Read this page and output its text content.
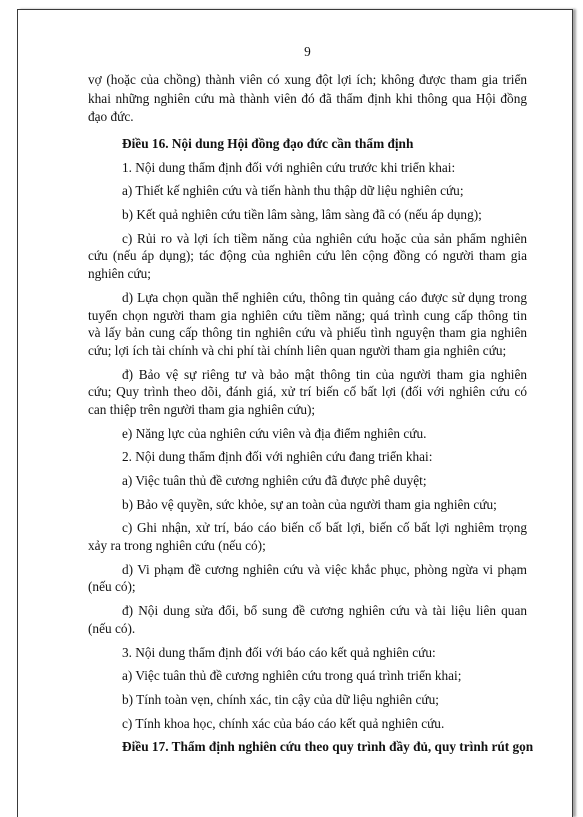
9
vợ (hoặc của chồng) thành viên có xung đột lợi ích; không được tham gia triển
khai những nghiên cứu mà thành viên đó đã thẩm định khi thông qua Hội đồng
đạo đức.
Điều 16. Nội dung Hội đồng đạo đức cần thẩm định
1. Nội dung thẩm định đối với nghiên cứu trước khi triển khai:
a) Thiết kế nghiên cứu và tiến hành thu thập dữ liệu nghiên cứu;
b) Kết quả nghiên cứu tiền lâm sàng, lâm sàng đã có (nếu áp dụng);
c) Rủi ro và lợi ích tiềm năng của nghiên cứu hoặc của sản phẩm nghiên
cứu (nếu áp dụng); tác động của nghiên cứu lên cộng đồng có người tham gia
nghiên cứu;
d) Lựa chọn quần thể nghiên cứu, thông tin quảng cáo được sử dụng trong
tuyển chọn người tham gia nghiên cứu tiềm năng; quá trình cung cấp thông tin
và lấy bản cung cấp thông tin nghiên cứu và phiếu tình nguyện tham gia nghiên
cứu; lợi ích tài chính và chi phí tài chính liên quan người tham gia nghiên cứu;
đ) Bảo vệ sự riêng tư và bảo mật thông tin của người tham gia nghiên
cứu; Quy trình theo dõi, đánh giá, xử trí biến cố bất lợi (đối với nghiên cứu có
can thiệp trên người tham gia nghiên cứu);
e) Năng lực của nghiên cứu viên và địa điểm nghiên cứu.
2. Nội dung thẩm định đối với nghiên cứu đang triển khai:
a) Việc tuân thủ đề cương nghiên cứu đã được phê duyệt;
b) Bảo vệ quyền, sức khỏe, sự an toàn của người tham gia nghiên cứu;
c) Ghi nhận, xử trí, báo cáo biến cố bất lợi, biến cố bất lợi nghiêm trọng
xảy ra trong nghiên cứu (nếu có);
d) Vi phạm đề cương nghiên cứu và việc khắc phục, phòng ngừa vi phạm
(nếu có);
đ) Nội dung sửa đổi, bổ sung đề cương nghiên cứu và tài liệu liên quan
(nếu có).
3. Nội dung thẩm định đối với báo cáo kết quả nghiên cứu:
a) Việc tuân thủ đề cương nghiên cứu trong quá trình triển khai;
b) Tính toàn vẹn, chính xác, tin cậy của dữ liệu nghiên cứu;
c) Tính khoa học, chính xác của báo cáo kết quả nghiên cứu.
Điều 17. Thẩm định nghiên cứu theo quy trình đầy đủ, quy trình rút gọn
